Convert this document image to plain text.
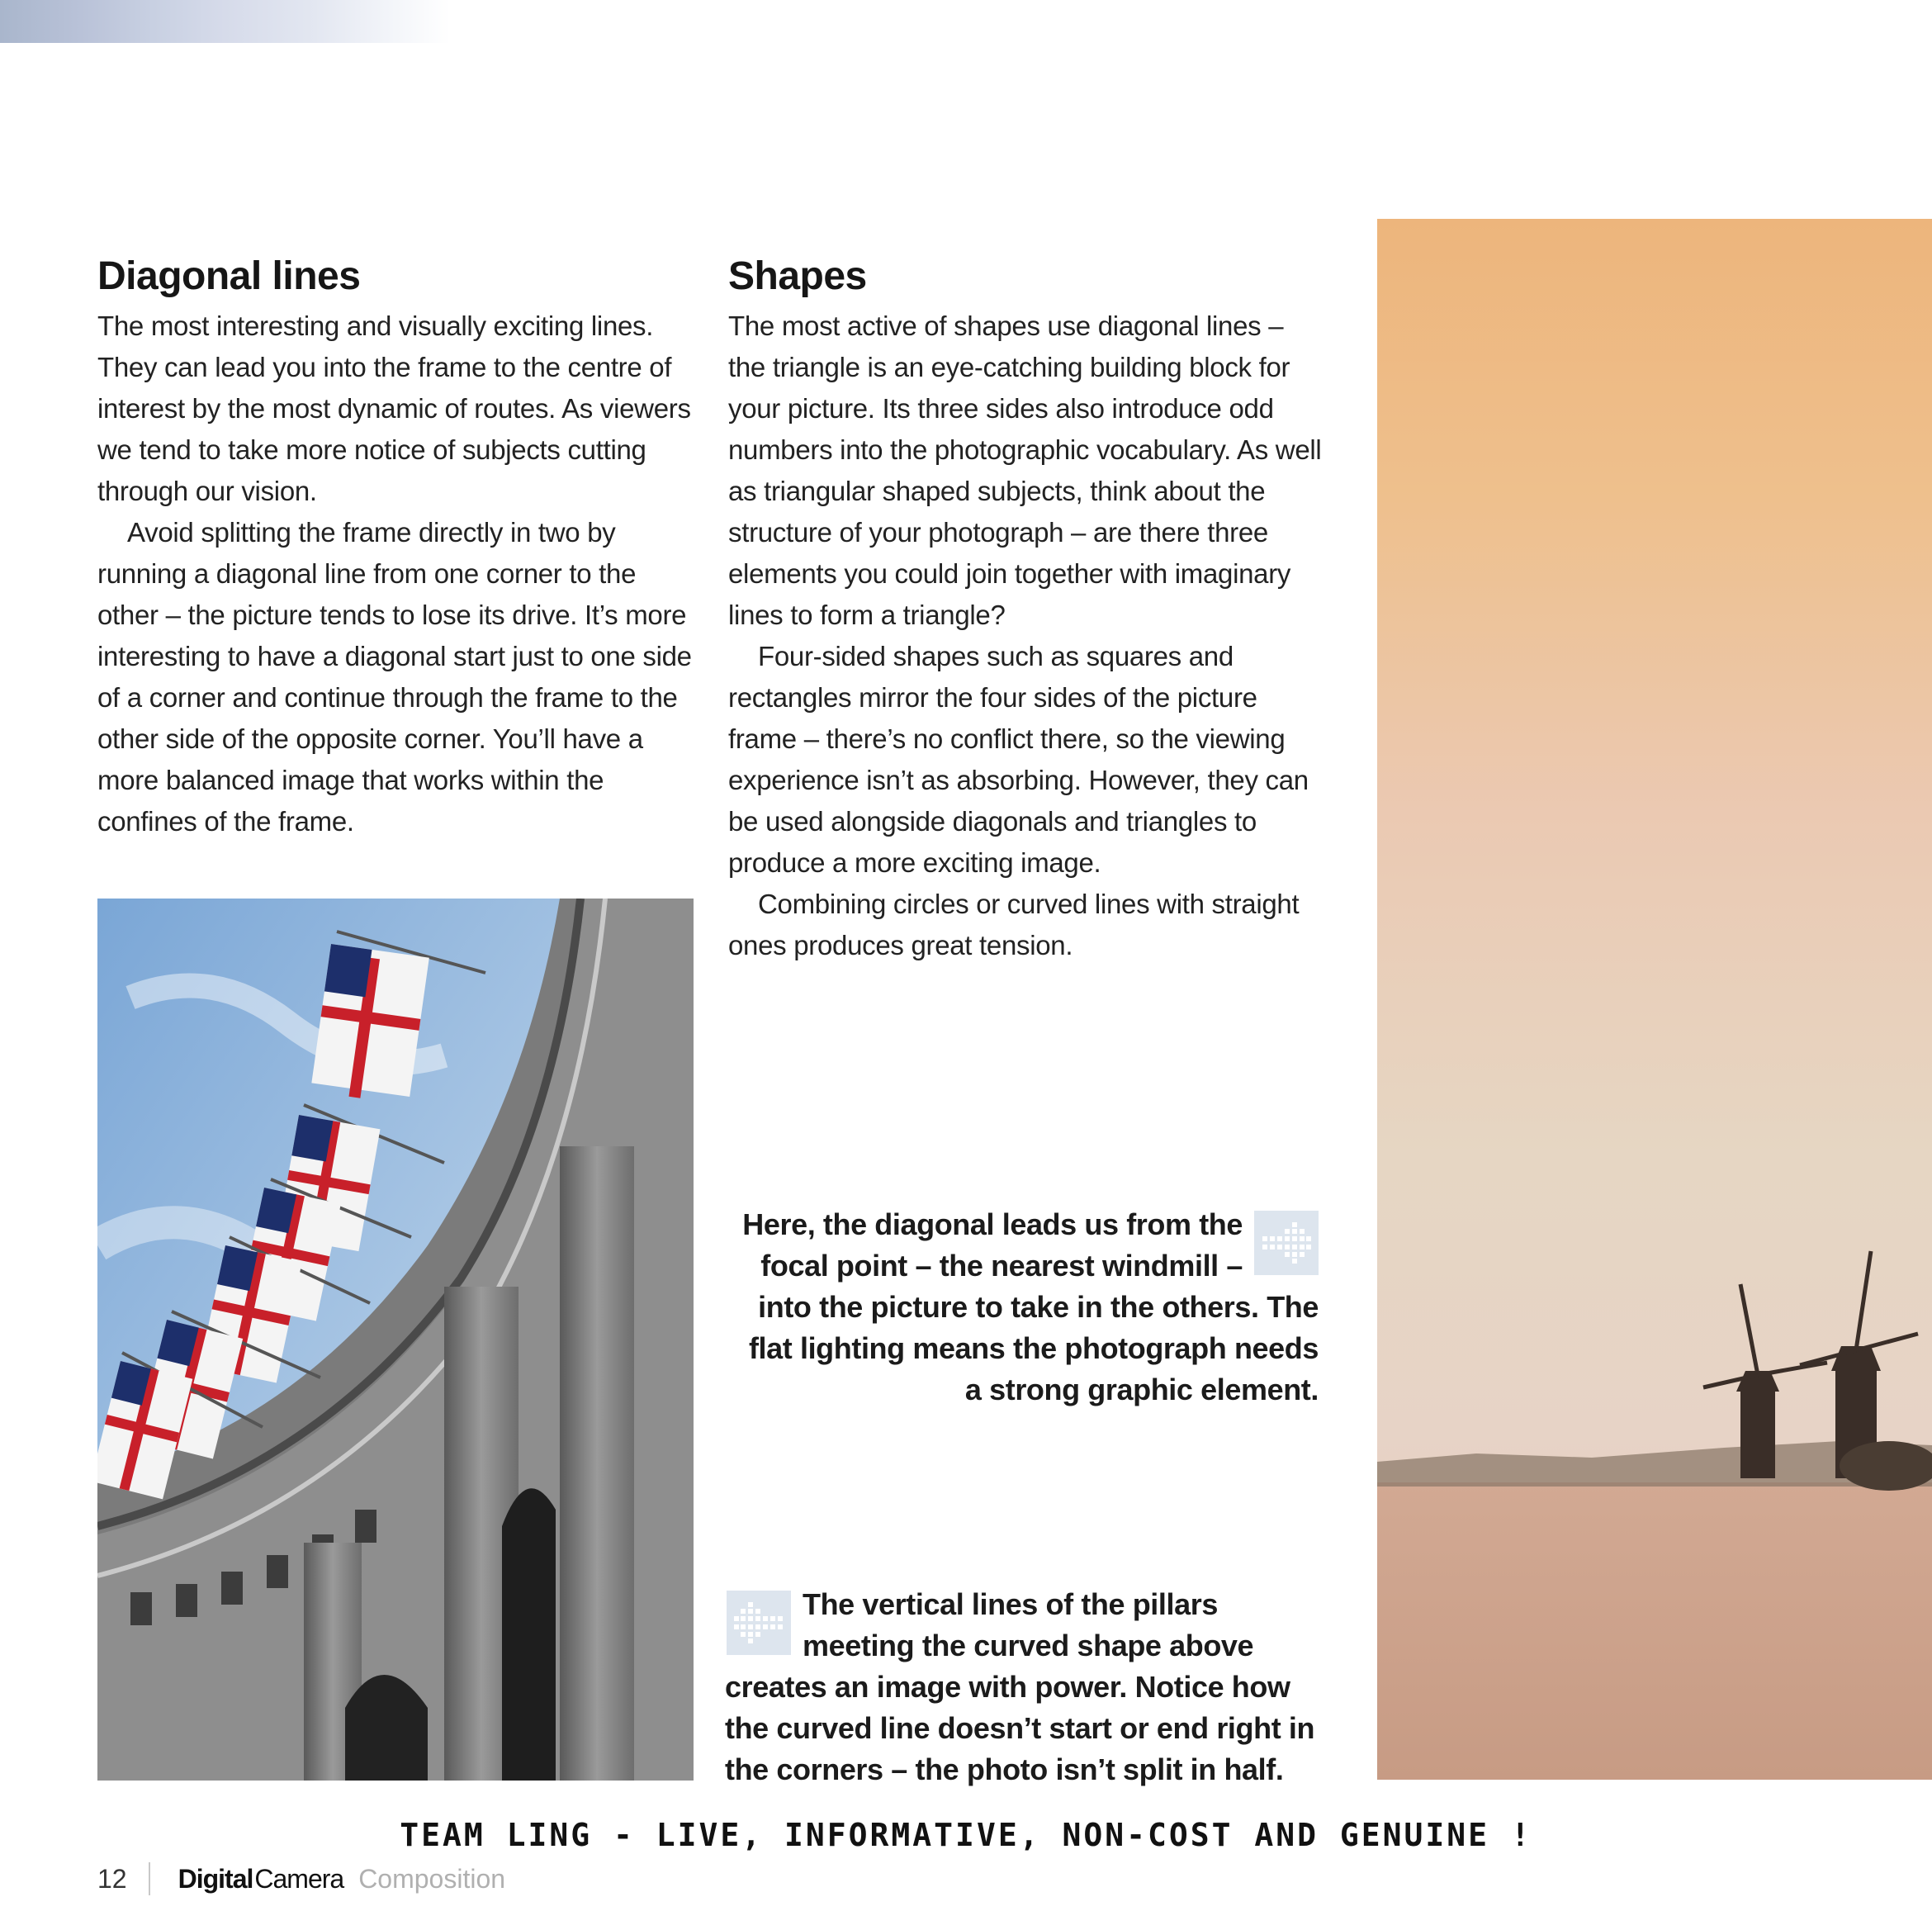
Diagonal lines

The most interesting and visually exciting lines. They can lead you into the frame to the centre of interest by the most dynamic of routes. As viewers we tend to take more notice of subjects cutting through our vision.

Avoid splitting the frame directly in two by running a diagonal line from one corner to the other – the picture tends to lose its drive. It’s more interesting to have a diagonal start just to one side of a corner and continue through the frame to the other side of the opposite corner. You’ll have a more balanced image that works within the confines of the frame.

Shapes

The most active of shapes use diagonal lines – the triangle is an eye-catching building block for your picture. Its three sides also introduce odd numbers into the photographic vocabulary. As well as triangular shaped subjects, think about the structure of your photograph – are there three elements you could join together with imaginary lines to form a triangle?

Four-sided shapes such as squares and rectangles mirror the four sides of the picture frame – there’s no conflict there, so the viewing experience isn’t as absorbing. However, they can be used alongside diagonals and triangles to produce a more exciting image.

Combining circles or curved lines with straight ones produces great tension.

Here, the diagonal leads us from the focal point – the nearest windmill – into the picture to take in the others. The flat lighting means the photograph needs a strong graphic element.
The vertical lines of the pillars meeting the curved shape above creates an image with power. Notice how the curved line doesn’t start or end right in the corners – the photo isn’t split in half.
TEAM LING - LIVE, INFORMATIVE, NON-COST AND GENUINE !
12 Digital Camera Composition
